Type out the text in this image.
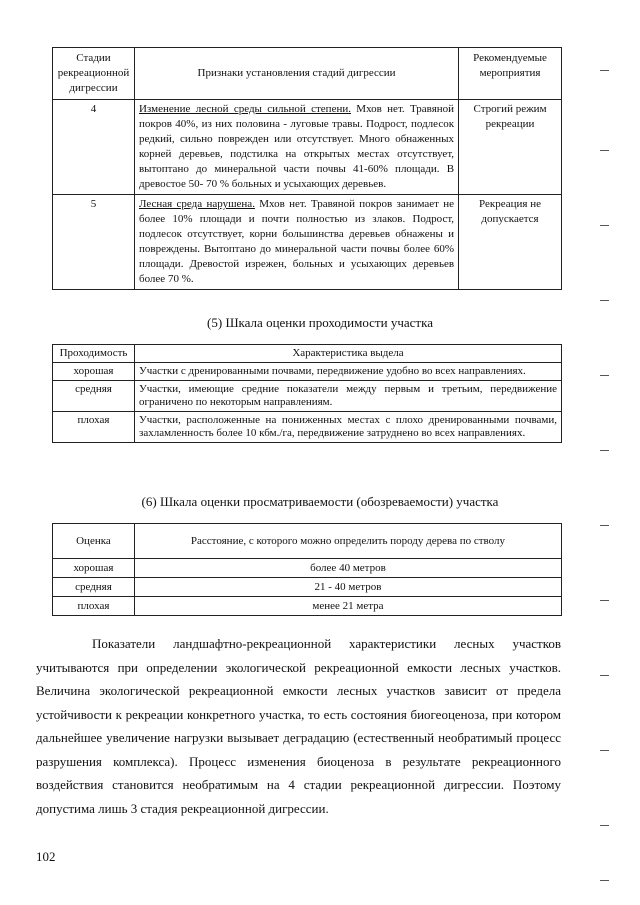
Стадии рекреационной дигрессии	Признаки установления стадий дигрессии	Рекомендуемые мероприятия
4	Изменение лесной среды сильной степени. Мхов нет. Травяной покров 40%, из них половина - луговые травы. Подрост, подлесок редкий, сильно поврежден или отсутствует. Много обнаженных корней деревьев, подстилка на открытых местах отсутствует, вытоптано до минеральной части почвы 41-60% площади. В древостое 50- 70 % больных и усыхающих деревьев.	Строгий режим рекреации
5	Лесная среда нарушена. Мхов нет. Травяной покров занимает не более 10% площади и почти полностью из злаков. Подрост, подлесок отсутствует, корни большинства деревьев обнажены и повреждены. Вытоптано до минеральной части почвы более 60% площади. Древостой изрежен, больных и усыхающих деревьев более 70 %.	Рекреация не допускается
(5) Шкала оценки проходимости участка
Проходимость	Характеристика выдела
хорошая	Участки с дренированными почвами, передвижение удобно во всех направлениях.
средняя	Участки, имеющие средние показатели между первым и третьим, передвижение ограничено по некоторым направлениям.
плохая	Участки, расположенные на пониженных местах с плохо дренированными почвами, захламленность более 10 кбм./га, передвижение затруднено во всех направлениях.
(6) Шкала оценки просматриваемости (обозреваемости) участка
Оценка	Расстояние, с которого можно определить породу дерева по стволу
хорошая	более 40 метров
средняя	21 - 40 метров
плохая	менее 21 метра

Показатели ландшафтно-рекреационной характеристики лесных участков учитываются при определении экологической рекреационной емкости лесных участков. Величина экологической рекреационной емкости лесных участков зависит от предела устойчивости к рекреации конкретного участка, то есть состояния биогеоценоза, при котором дальнейшее увеличение нагрузки вызывает деградацию (естественный необратимый процесс разрушения комплекса). Процесс изменения биоценоза в результате рекреационного воздействия становится необратимым на 4 стадии рекреационной дигрессии. Поэтому допустима лишь 3 стадия рекреационной дигрессии.

102
